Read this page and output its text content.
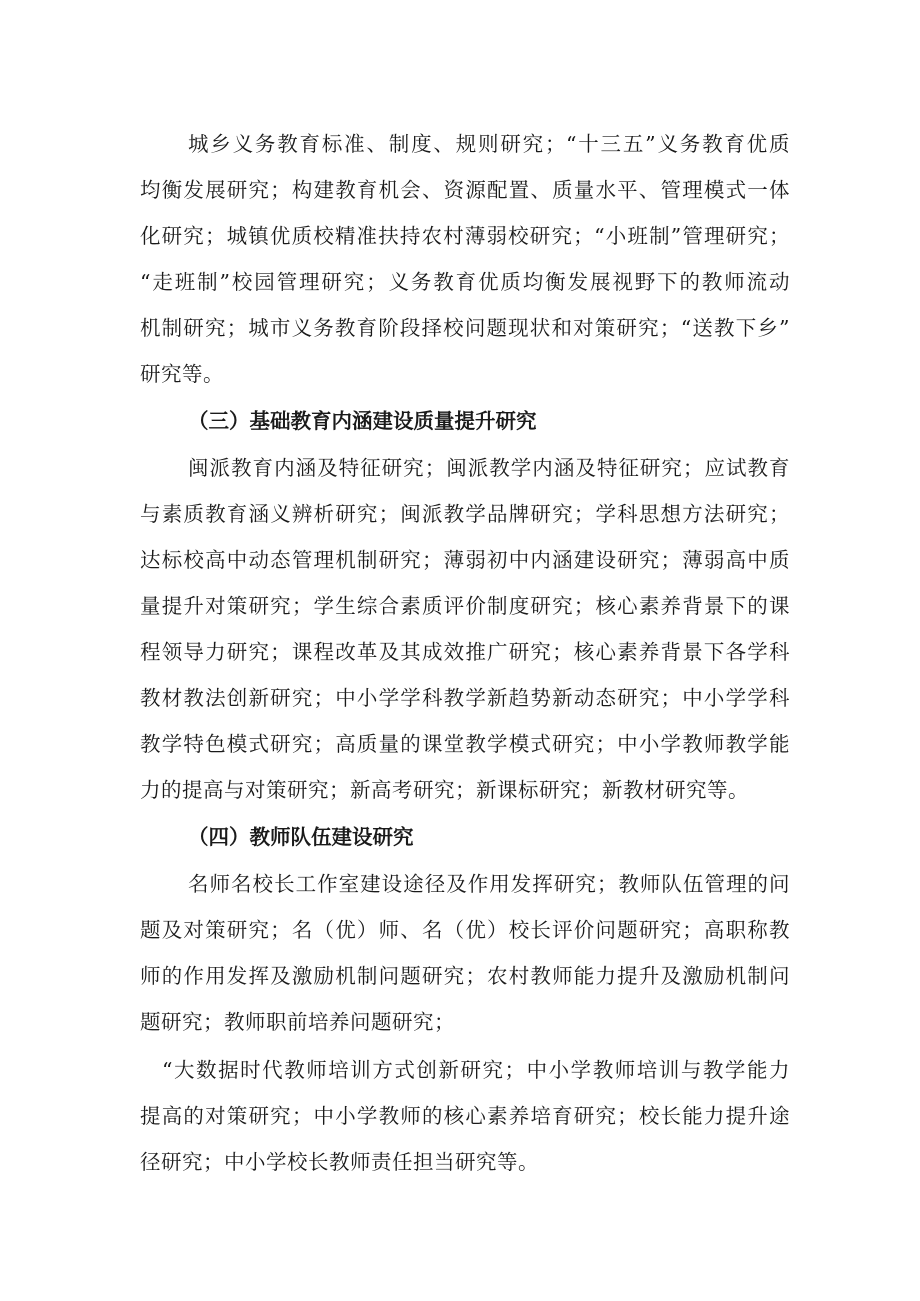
城乡义务教育标准、制度、规则研究；“十三五”义务教育优质
均衡发展研究；构建教育机会、资源配置、质量水平、管理模式一体
化研究；城镇优质校精准扶持农村薄弱校研究；“小班制”管理研究；
“走班制”校园管理研究；义务教育优质均衡发展视野下的教师流动
机制研究；城市义务教育阶段择校问题现状和对策研究；“送教下乡”
研究等。
（三）基础教育内涵建设质量提升研究
闽派教育内涵及特征研究；闽派教学内涵及特征研究；应试教育
与素质教育涵义辨析研究；闽派教学品牌研究；学科思想方法研究；
达标校高中动态管理机制研究；薄弱初中内涵建设研究；薄弱高中质
量提升对策研究；学生综合素质评价制度研究；核心素养背景下的课
程领导力研究；课程改革及其成效推广研究；核心素养背景下各学科
教材教法创新研究；中小学学科教学新趋势新动态研究；中小学学科
教学特色模式研究；高质量的课堂教学模式研究；中小学教师教学能
力的提高与对策研究；新高考研究；新课标研究；新教材研究等。
（四）教师队伍建设研究
名师名校长工作室建设途径及作用发挥研究；教师队伍管理的问
题及对策研究；名（优）师、名（优）校长评价问题研究；高职称教
师的作用发挥及激励机制问题研究；农村教师能力提升及激励机制问
题研究；教师职前培养问题研究；
“大数据时代教师培训方式创新研究；中小学教师培训与教学能力
提高的对策研究；中小学教师的核心素养培育研究；校长能力提升途
径研究；中小学校长教师责任担当研究等。
